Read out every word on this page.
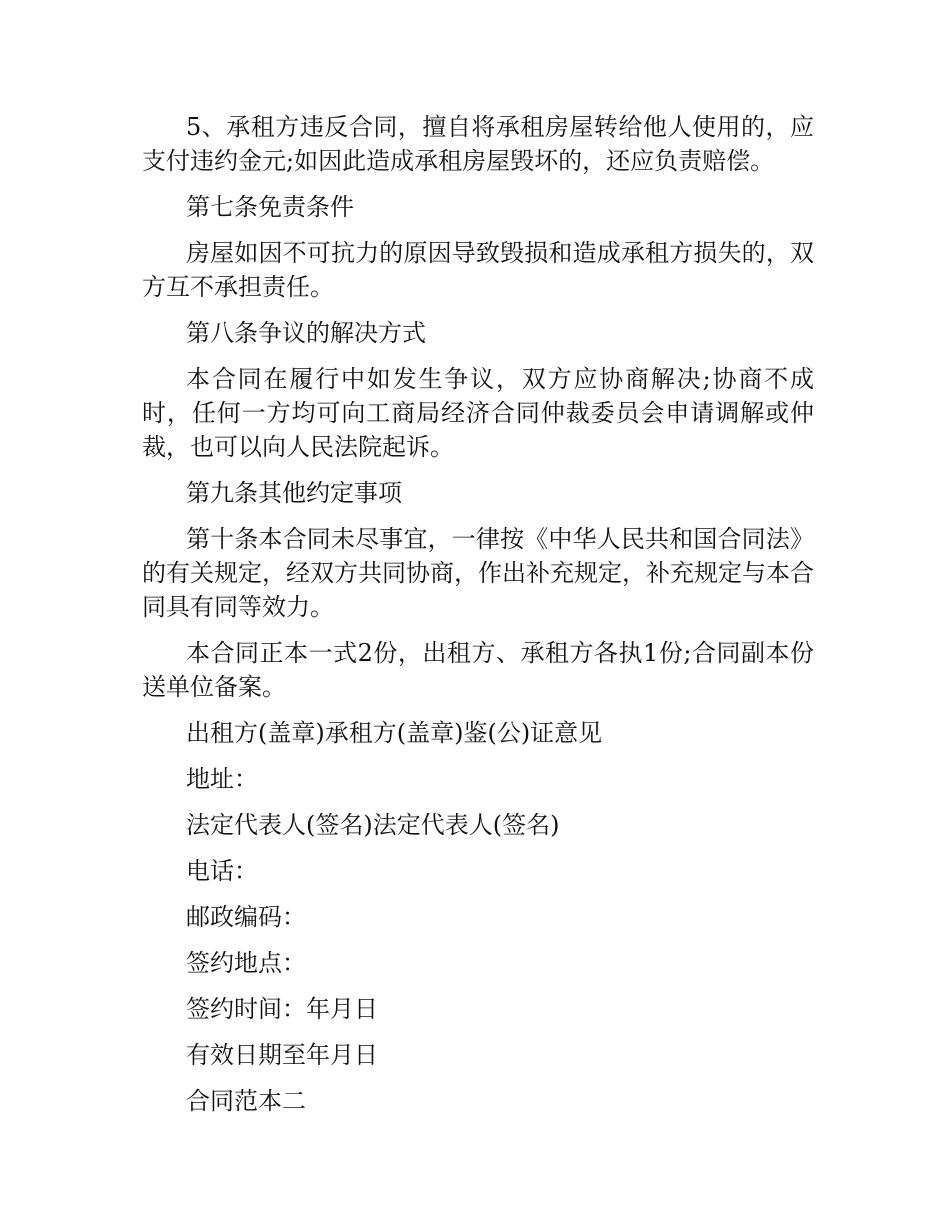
5、承租方违反合同，擅自将承租房屋转给他人使用的，应支付违约金元;如因此造成承租房屋毁坏的，还应负责赔偿。

第七条免责条件

房屋如因不可抗力的原因导致毁损和造成承租方损失的，双方互不承担责任。

第八条争议的解决方式

本合同在履行中如发生争议，双方应协商解决;协商不成时，任何一方均可向工商局经济合同仲裁委员会申请调解或仲裁，也可以向人民法院起诉。

第九条其他约定事项

第十条本合同未尽事宜，一律按《中华人民共和国合同法》的有关规定，经双方共同协商，作出补充规定，补充规定与本合同具有同等效力。

本合同正本一式2份，出租方、承租方各执1份;合同副本份送单位备案。

出租方(盖章)承租方(盖章)鉴(公)证意见

地址：

法定代表人(签名)法定代表人(签名)

电话：

邮政编码：

签约地点：

签约时间：年月日

有效日期至年月日

合同范本二
